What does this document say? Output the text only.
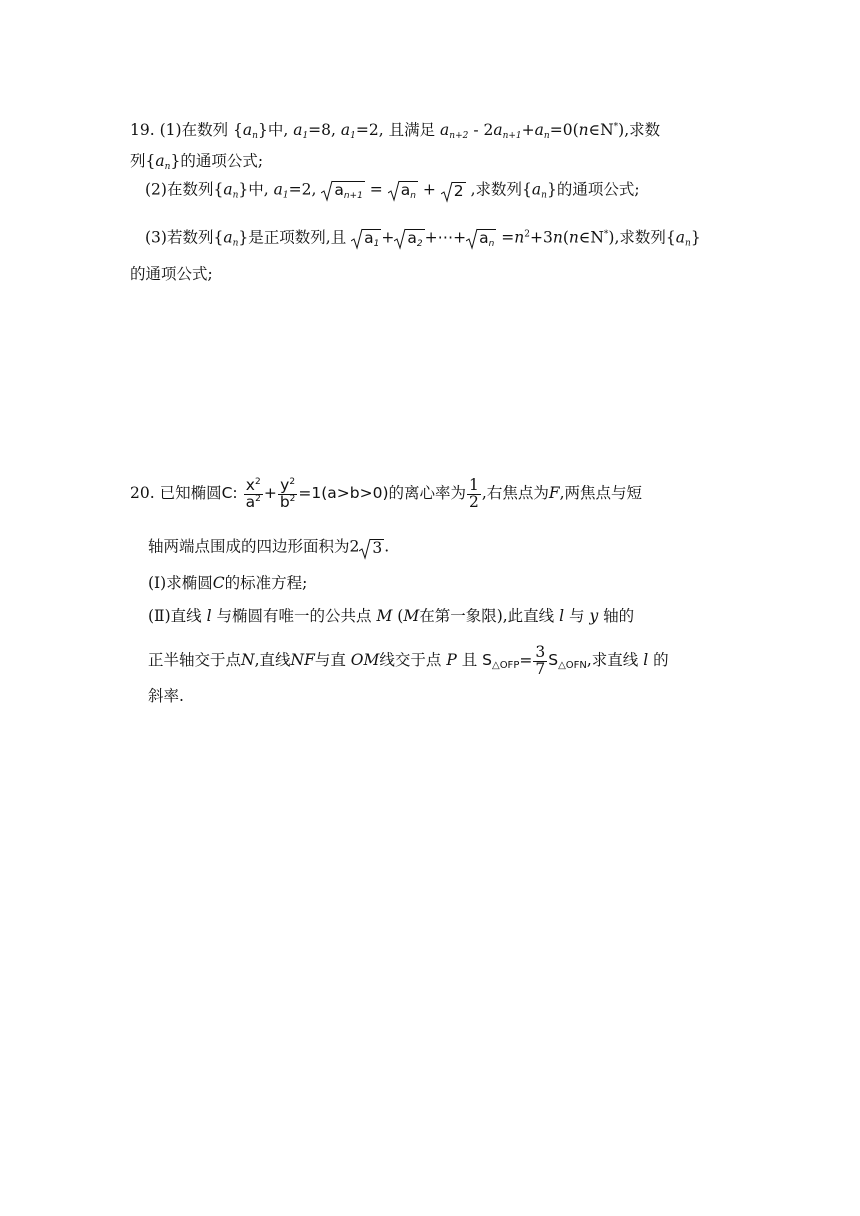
19. (1)在数列 $\{a_n\}$中, $a_1=8$, $a_1=2$, 且满足 $a_{n+2}$ - $2a_{n+1}+a_n=0(n\in N^*)$,求数
列$\{a_n\}$的通项公式;
(2)在数列$\{a_n\}$中, $a_1=2$, $a_{n+1} = a_n + 2$ ,求数列$\{a_n\}$的通项公式;
(3)若数列$\{a_n\}$是正项数列,且 $a_1 + a_2$ +⋯+ $a_n$ $=n^2+3n(n\in N^*)$,求数列$\{a_n\}$
的通项公式;
20. 已知椭圆C: $\frac{x^2}{a^2} + \frac{y^2}{b^2} =1(a>b>0)$的离心率为 $\frac{1}{2}$ ,右焦点为F,两焦点与短
轴两端点围成的四边形面积为2 3 .
(Ⅰ)求椭圆C的标准方程;
(Ⅱ)直线 l 与椭圆有唯一的公共点 M (M在第一象限),此直线 l 与 y 轴的
正半轴交于点N,直线NF与直 OM线交于点 P 且 $S_{\triangle OFP}= \frac{3}{7} S_{\triangle OFN}$,求直线 l 的
斜率.
